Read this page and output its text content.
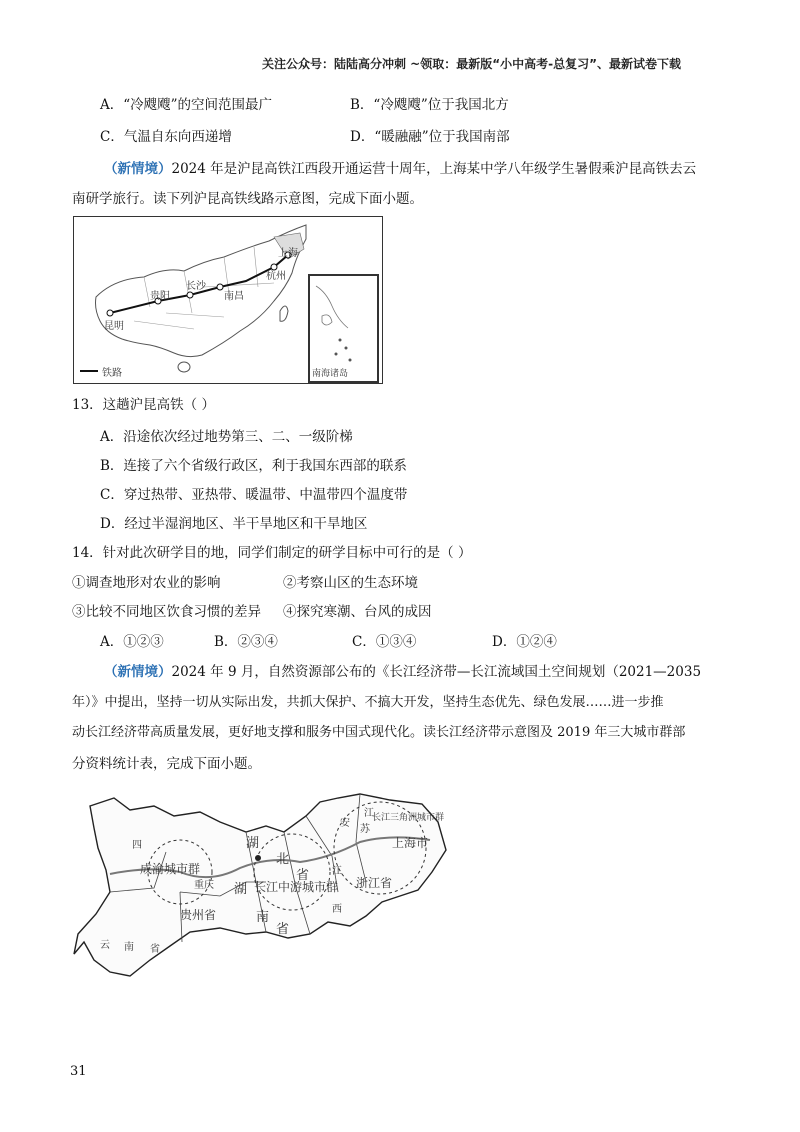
关注公众号：陆陆高分冲刺 ~领取：最新版“小中高考-总复习”、最新试卷下载
A．“冷飕飕”的空间范围最广	B．“冷飕飕”位于我国北方
C．气温自东向西递增	D．“暖融融”位于我国南部
（新情境）2024 年是沪昆高铁江西段开通运营十周年，上海某中学八年级学生暑假乘沪昆高铁去云
南研学旅行。读下列沪昆高铁线路示意图，完成下面小题。
上海
杭州
南昌
长沙
贵阳
昆明
铁路	南海诸岛
13．这趟沪昆高铁（ ）
A．沿途依次经过地势第三、二、一级阶梯
B．连接了六个省级行政区，利于我国东西部的联系
C．穿过热带、亚热带、暖温带、中温带四个温度带
D．经过半湿润地区、半干旱地区和干旱地区
14．针对此次研学目的地，同学们制定的研学目标中可行的是（ ）
①调查地形对农业的影响	②考察山区的生态环境
③比较不同地区饮食习惯的差异 ④探究寒潮、台风的成因
A．①②③	B．②③④	C．①③④	D．①②④
（新情境）2024 年 9 月，自然资源部公布的《长江经济带—长江流域国土空间规划（2021—2035
年）》中提出，坚持一切从实际出发，共抓大保护、不搞大开发，坚持生态优先、绿色发展……进一步推
动长江经济带高质量发展，更好地支撑和服务中国式现代化。读长江经济带示意图及 2019 年三大城市群部
分资料统计表，完成下面小题。
成渝城市群
重庆
四
贵州省
云 南 省
湖
北
省
湖
南
省
长江中游城市群
江
西
安
江
苏
长江三角洲城市群
上海市
浙江省
31
